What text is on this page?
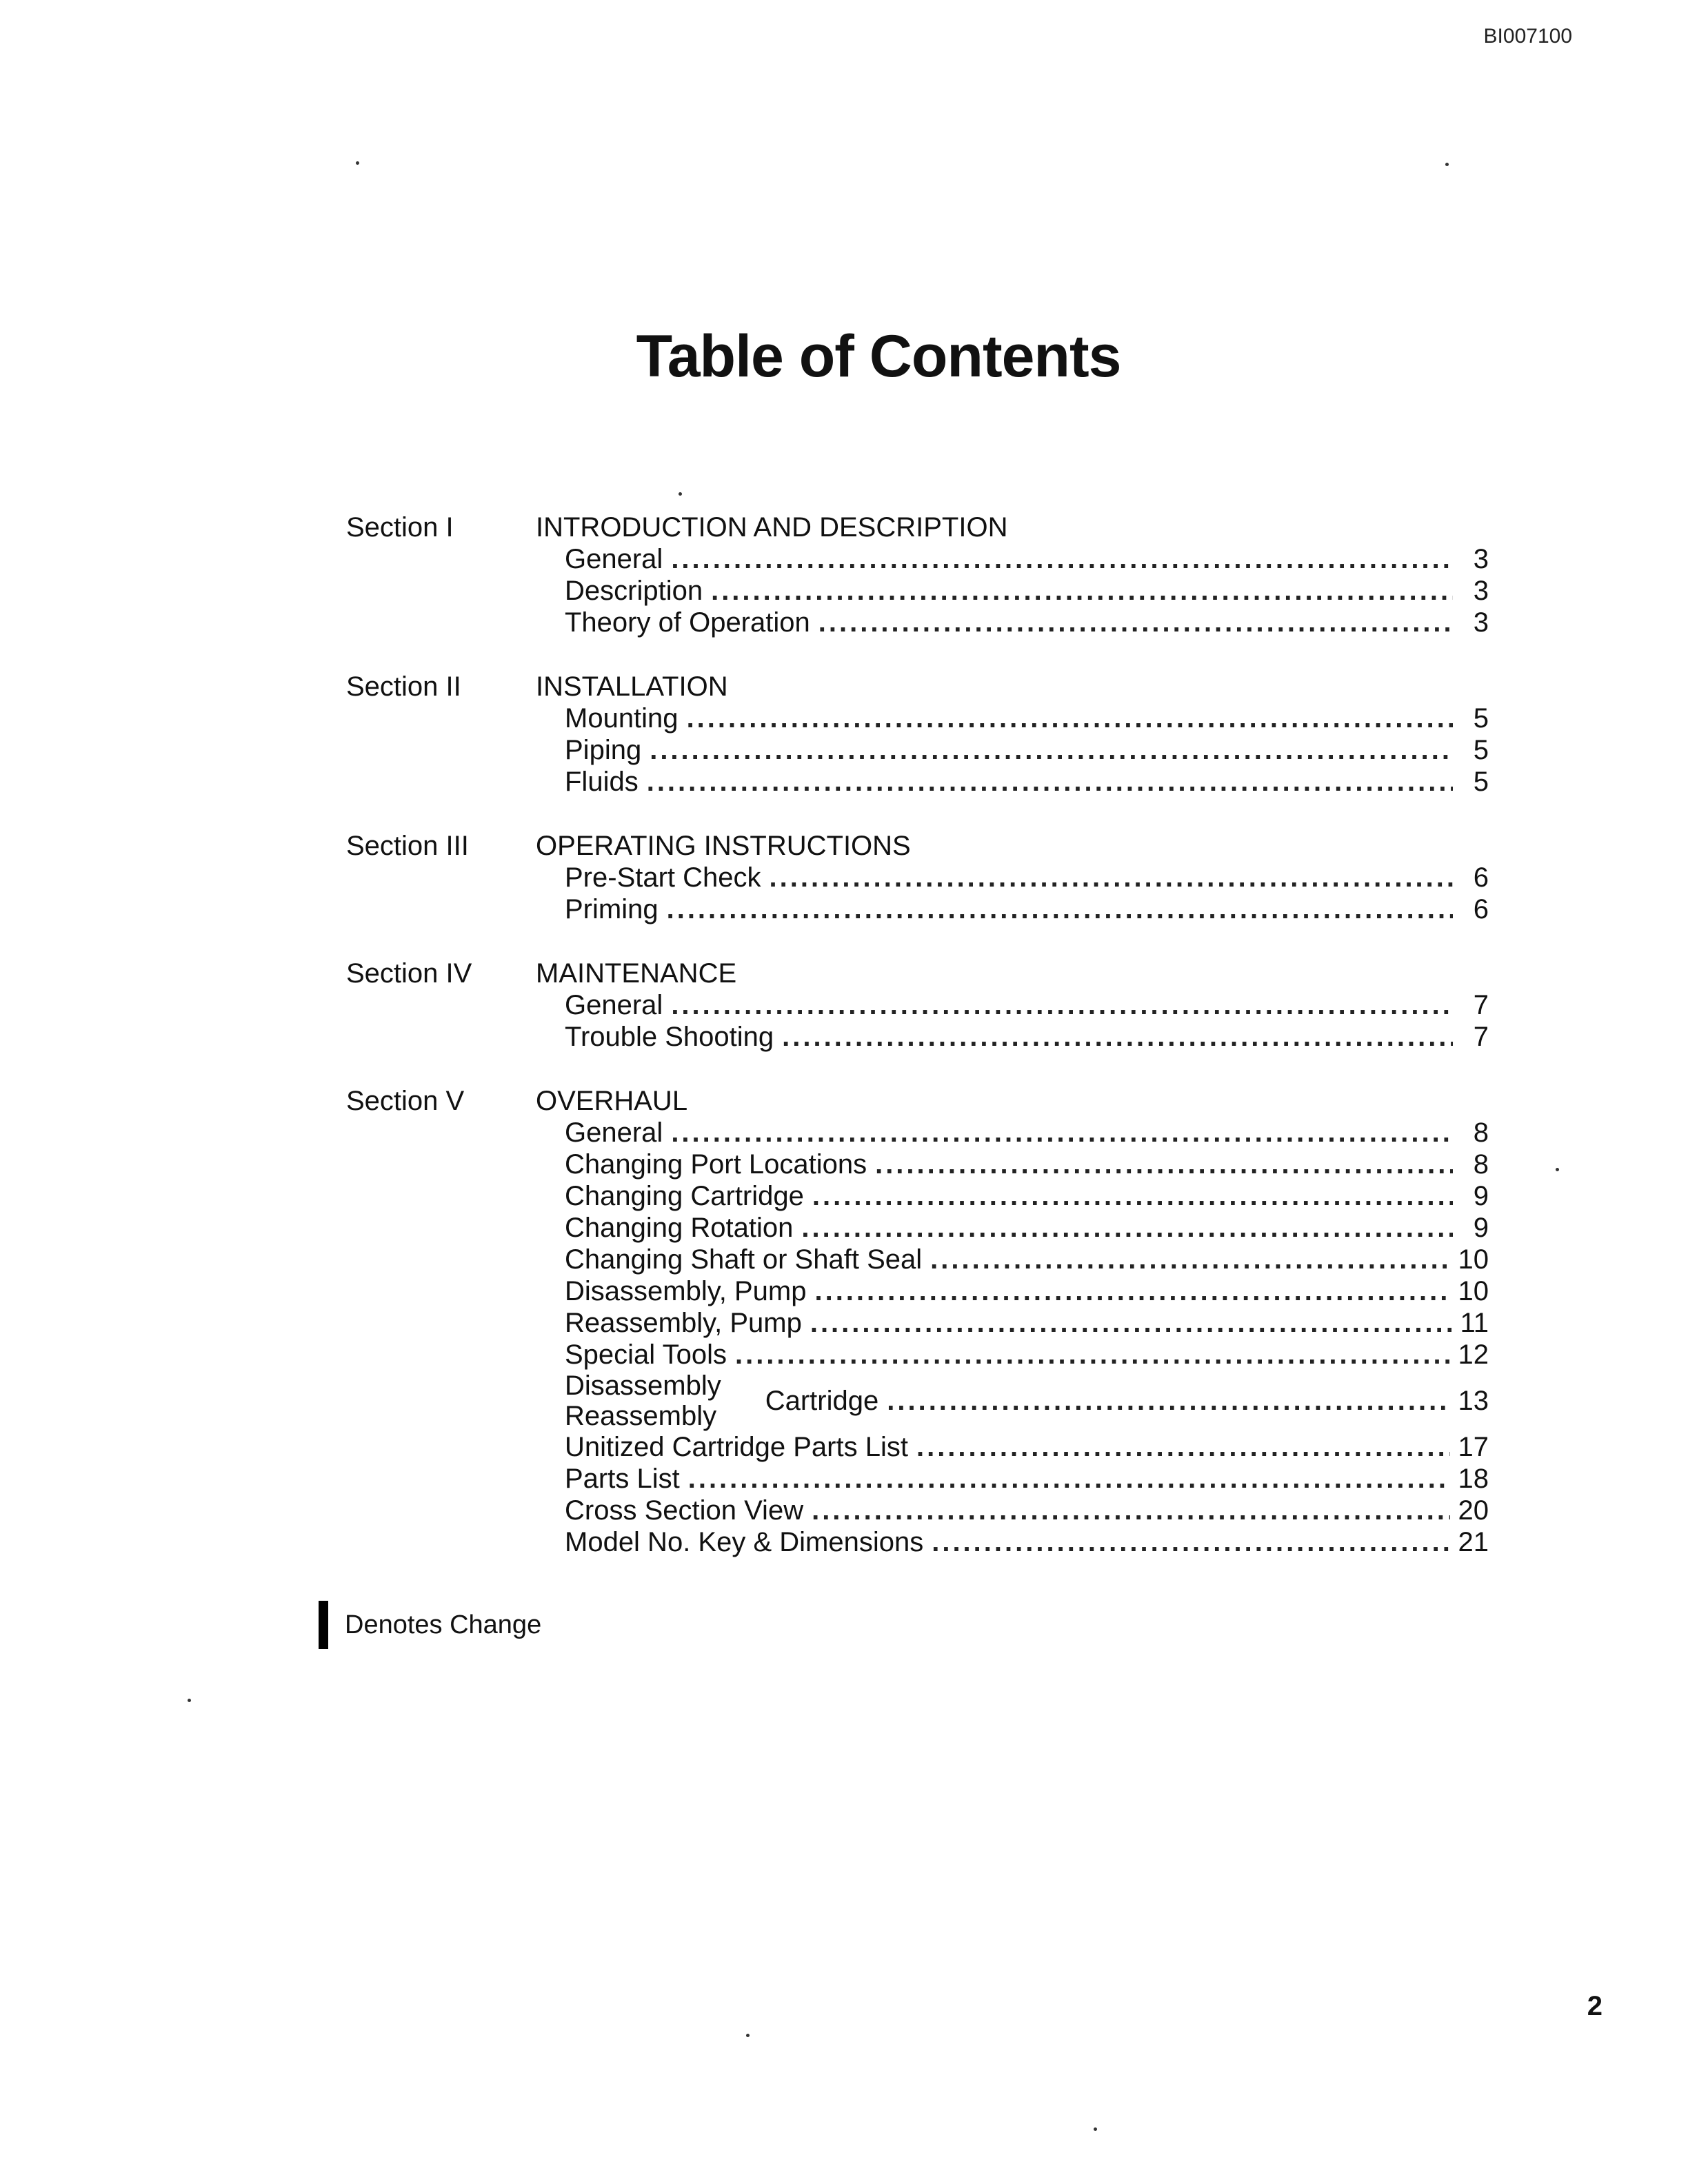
BI007100
Table of Contents
Section I	INTRODUCTION AND DESCRIPTION
General .....	3
Description .....	3
Theory of Operation .....	3
Section II	INSTALLATION
Mounting .....	5
Piping .....	5
Fluids .....	5
Section III OPERATING INSTRUCTIONS
Pre-Start Check .....	6
Priming .....	6
Section IV MAINTENANCE
General .....	7
Trouble Shooting .....	7
Section V	OVERHAUL
General .....	8
Changing Port Locations .....	8
Changing Cartridge .....	9
Changing Rotation .....	9
Changing Shaft or Shaft Seal .....	10
Disassembly, Pump .....	10
Reassembly, Pump .....	11
Special Tools .....	12
Disassembly
Reassembly Cartridge .....	13
Unitized Cartridge Parts List .....	17
Parts List .....	18
Cross Section View .....	20
Model No. Key & Dimensions .....	21
Denotes Change
2
